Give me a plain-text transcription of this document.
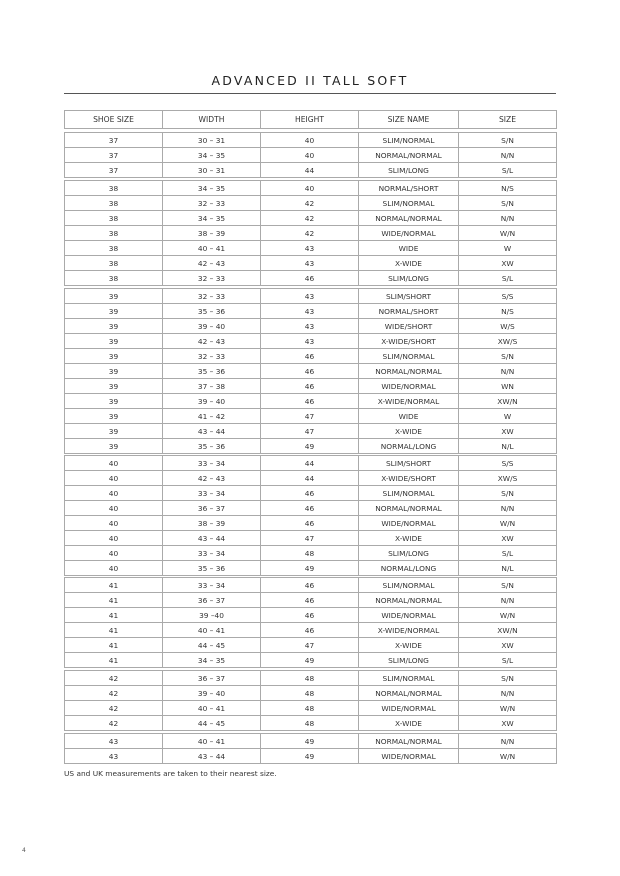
ADVANCED II TALL SOFT
SHOE SIZE	WIDTH	HEIGHT	SIZE NAME	SIZE
37	30 – 31	40	SLIM/NORMAL	S/N
37	34 – 35	40	NORMAL/NORMAL	N/N
37	30 – 31	44	SLIM/LONG	S/L
38	34 – 35	40	NORMAL/SHORT	N/S
38	32 – 33	42	SLIM/NORMAL	S/N
38	34 – 35	42	NORMAL/NORMAL	N/N
38	38 – 39	42	WIDE/NORMAL	W/N
38	40 – 41	43	WIDE	W
38	42 – 43	43	X-WIDE	XW
38	32 – 33	46	SLIM/LONG	S/L
39	32 – 33	43	SLIM/SHORT	S/S
39	35 – 36	43	NORMAL/SHORT	N/S
39	39 – 40	43	WIDE/SHORT	W/S
39	42 – 43	43	X-WIDE/SHORT	XW/S
39	32 – 33	46	SLIM/NORMAL	S/N
39	35 – 36	46	NORMAL/NORMAL	N/N
39	37 – 38	46	WIDE/NORMAL	WN
39	39 – 40	46	X-WIDE/NORMAL	XW/N
39	41 – 42	47	WIDE	W
39	43 – 44	47	X-WIDE	XW
39	35 – 36	49	NORMAL/LONG	N/L
40	33 – 34	44	SLIM/SHORT	S/S
40	42 – 43	44	X-WIDE/SHORT	XW/S
40	33 – 34	46	SLIM/NORMAL	S/N
40	36 – 37	46	NORMAL/NORMAL	N/N
40	38 – 39	46	WIDE/NORMAL	W/N
40	43 – 44	47	X-WIDE	XW
40	33 – 34	48	SLIM/LONG	S/L
40	35 – 36	49	NORMAL/LONG	N/L
41	33 – 34	46	SLIM/NORMAL	S/N
41	36 – 37	46	NORMAL/NORMAL	N/N
41	39 –40	46	WIDE/NORMAL	W/N
41	40 – 41	46	X-WIDE/NORMAL	XW/N
41	44 – 45	47	X-WIDE	XW
41	34 – 35	49	SLIM/LONG	S/L
42	36 – 37	48	SLIM/NORMAL	S/N
42	39 – 40	48	NORMAL/NORMAL	N/N
42	40 – 41	48	WIDE/NORMAL	W/N
42	44 – 45	48	X-WIDE	XW
43	40 – 41	49	NORMAL/NORMAL	N/N
43	43 – 44	49	WIDE/NORMAL	W/N
US and UK measurements are taken to their nearest size.
4
